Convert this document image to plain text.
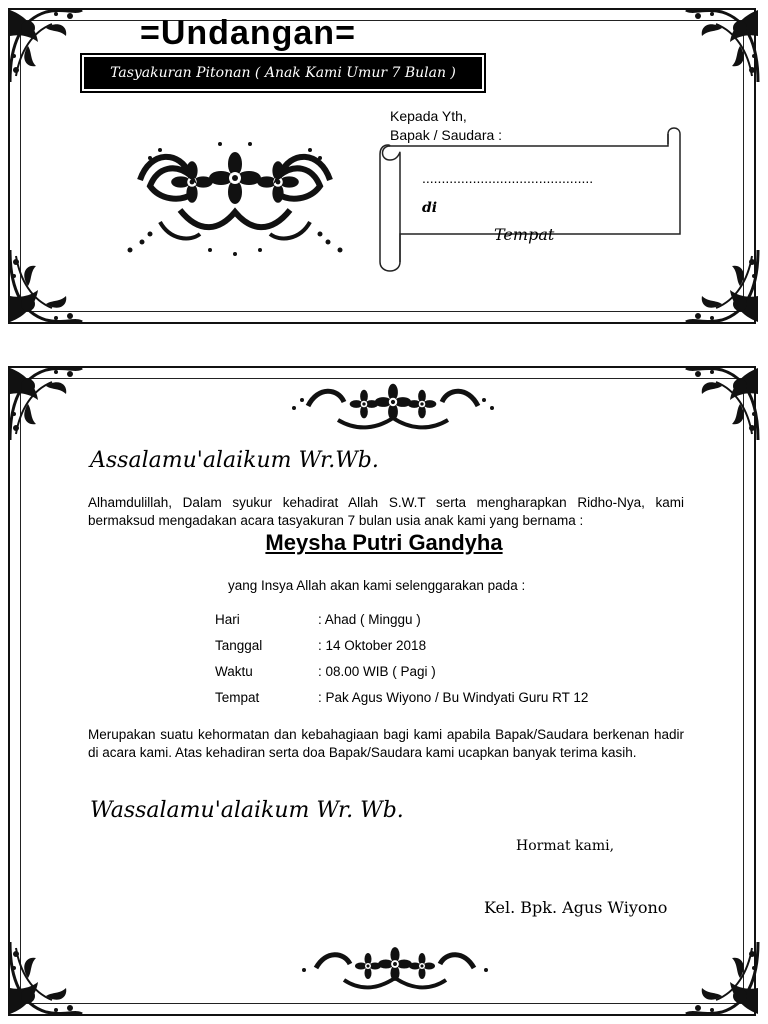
=Undangan=
Tasyakuran Pitonan ( Anak Kami Umur 7 Bulan )
Kepada Yth,
Bapak / Saudara :
............................................
di
Tempat
Assalamu'alaikum Wr.Wb.
Alhamdulillah, Dalam syukur kehadirat Allah S.W.T serta mengharapkan Ridho-Nya, kami bermaksud mengadakan acara tasyakuran 7 bulan usia anak kami yang bernama :
Meysha Putri Gandyha
yang Insya Allah akan kami selenggarakan pada :
Hari	: Ahad ( Minggu )
Tanggal	: 14 Oktober 2018
Waktu	: 08.00 WIB ( Pagi )
Tempat	: Pak Agus Wiyono / Bu Windyati Guru RT 12
Merupakan suatu kehormatan dan kebahagiaan bagi kami apabila Bapak/Saudara berkenan hadir di acara kami. Atas kehadiran serta doa Bapak/Saudara kami ucapkan banyak terima kasih.
Wassalamu'alaikum Wr. Wb.
Hormat kami,
Kel. Bpk. Agus Wiyono
